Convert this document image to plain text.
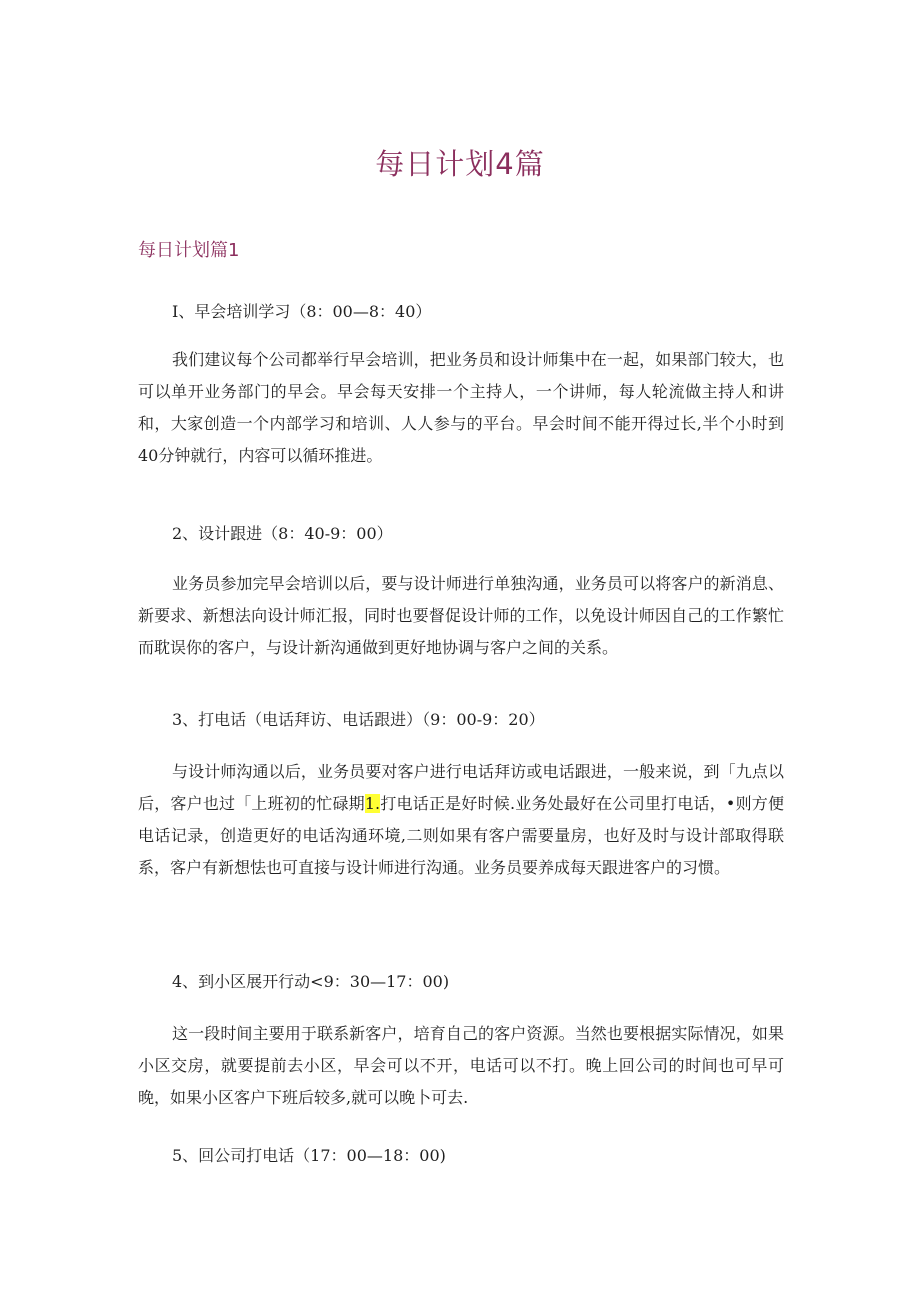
每日计划4篇
每日计划篇1

I、早会培训学习（8：00—8：40）

我们建议每个公司都举行早会培训，把业务员和设计师集中在一起，如果部门较大，也可以单开业务部门的早会。早会每天安排一个主持人，一个讲师，每人轮流做主持人和讲和，大家创造一个内部学习和培训、人人参与的平台。早会时间不能开得过长,半个小时到40分钟就行，内容可以循环推进。

2、设计跟进（8：40-9：00）

业务员参加完早会培训以后，要与设计师进行单独沟通，业务员可以将客户的新消息、新要求、新想法向设计师汇报，同时也要督促设计师的工作，以免设计师因自己的工作繁忙而耽误你的客户，与设计新沟通做到更好地协调与客户之间的关系。

3、打电话（电话拜访、电话跟进）（9：00-9：20）

与设计师沟通以后，业务员要对客户进行电话拜访或电话跟进，一般来说，到「九点以后，客户也过「上班初的忙碌期1.打电话正是好时候.业务处最好在公司里打电话，•则方便电话记录，创造更好的电话沟通环境,二则如果有客户需要量房，也好及时与设计部取得联系，客户有新想怯也可直接与设计师进行沟通。业务员要养成每天跟进客户的习惯。

4、到小区展开行动<9：30—17：00)

这一段时间主要用于联系新客户，培育自己的客户资源。当然也要根据实际情况，如果小区交房，就要提前去小区，早会可以不开，电话可以不打。晚上回公司的时间也可早可晚，如果小区客户下班后较多,就可以晚卜可去.

5、回公司打电话（17：00—18：00)
